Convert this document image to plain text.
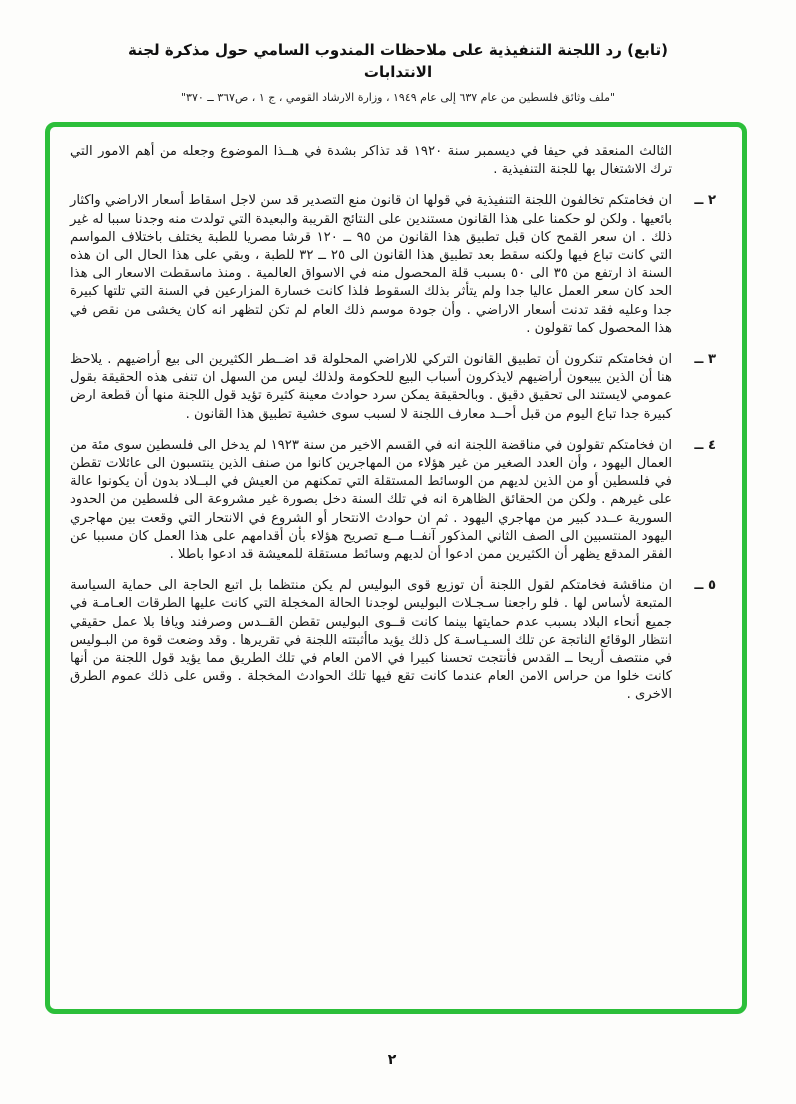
(تابع) رد اللجنة التنفيذية على ملاحظات المندوب السامي حول مذكرة لجنة الانتدابات
"ملف وثائق فلسطين من عام ٦٣٧ إلى عام ١٩٤٩ ، وزارة الارشاد القومي ، ج ١ ، ص٣٦٧ ــ ٣٧٠"
الثالث المنعقد في حيفا في ديسمبر سنة ١٩٢٠ قد تذاكر بشدة في هــذا الموضوع وجعله من أهم الامور التي ترك الاشتغال بها للجنة التنفيذية .
٢ ــ
ان فخامتكم تخالفون اللجنة التنفيذية في قولها ان قانون منع التصدير قد سن لاجل اسقاط أسعار الاراضي واكثار بائعيها . ولكن لو حكمنا على هذا القانون مستندين على النتائج القريبة والبعيدة التي تولدت منه وجدنا سببا له غير ذلك . ان سعر القمح كان قبل تطبيق هذا القانون من ٩٥ ــ ١٢٠ قرشا مصريا للطبة يختلف باختلاف المواسم التي كانت تباع فيها ولكنه سقط بعد تطبيق هذا القانون الى ٢٥ ــ ٣٢ للطبة ، وبقي على هذا الحال الى ان هذه السنة اذ ارتفع من ٣٥ الى ٥٠ بسبب قلة المحصول منه في الاسواق العالمية . ومنذ ماسقطت الاسعار الى هذا الحد كان سعر العمل عاليا جدا ولم يتأثر بذلك السقوط فلذا كانت خسارة المزارعين في السنة التي تلتها كبيرة جدا وعليه فقد تدنت أسعار الاراضي . وأن جودة موسم ذلك العام لم تكن لتظهر انه كان يخشى من نقص في هذا المحصول كما تقولون .
٣ ــ
ان فخامتكم تنكرون أن تطبيق القانون التركي للاراضي المحلولة قد اضــطر الكثيرين الى بيع أراضيهم . يلاحظ هنا أن الذين يبيعون أراضيهم لايذكرون أسباب البيع للحكومة ولذلك ليس من السهل ان تنفى هذه الحقيقة بقول عمومي لايستند الى تحقيق دقيق . وبالحقيقة يمكن سرد حوادث معينة كثيرة تؤيد قول اللجنة منها أن قطعة ارض كبيرة جدا تباع اليوم من قبل أحــد معارف اللجنة لا لسبب سوى خشية تطبيق هذا القانون .
٤ ــ
ان فخامتكم تقولون في مناقضة اللجنة انه في القسم الاخير من سنة ١٩٢٣ لم يدخل الى فلسطين سوى مئة من العمال اليهود ، وأن العدد الصغير من غير هؤلاء من المهاجرين كانوا من صنف الذين ينتسبون الى عائلات تقطن في فلسطين أو من الذين لديهم من الوسائط المستقلة التي تمكنهم من العيش في البــلاد بدون أن يكونوا عالة على غيرهم . ولكن من الحقائق الظاهرة انه في تلك السنة دخل بصورة غير مشروعة الى فلسطين من الحدود السورية عــدد كبير من مهاجري اليهود . ثم ان حوادث الانتحار أو الشروع في الانتحار التي وقعت بين مهاجري اليهود المنتسبين الى الصف الثاني المذكور آنفــا مــع تصريح هؤلاء بأن أقدامهم على هذا العمل كان مسببا عن الفقر المدقع يظهر أن الكثيرين ممن ادعوا أن لديهم وسائط مستقلة للمعيشة قد ادعوا باطلا .
٥ ــ
ان مناقشة فخامتكم لقول اللجنة أن توزيع قوى البوليس لم يكن منتظما بل اتبع الحاجة الى حماية السياسة المتبعة لأساس لها . فلو راجعنا سـجـلات البوليس لوجدنا الحالة المخجلة التي كانت عليها الطرقات العـامـة في جميع أنحاء البلاد بسبب عدم حمايتها بينما كانت قــوى البوليس تقطن القــدس وصرفند ويافا بلا عمل حقيقي انتظار الوقائع الناتجة عن تلك السـيـاسـة كل ذلك يؤيد ماأثبتته اللجنة في تقريرها . وقد وضعت قوة من البـوليس في منتصف أريحا ــ القدس فأنتجت تحسنا كبيرا في الامن العام في تلك الطريق مما يؤيد قول اللجنة من أنها كانت خلوا من حراس الامن العام عندما كانت تقع فيها تلك الحوادث المخجلة . وقس على ذلك عموم الطرق الاخرى .
٢
